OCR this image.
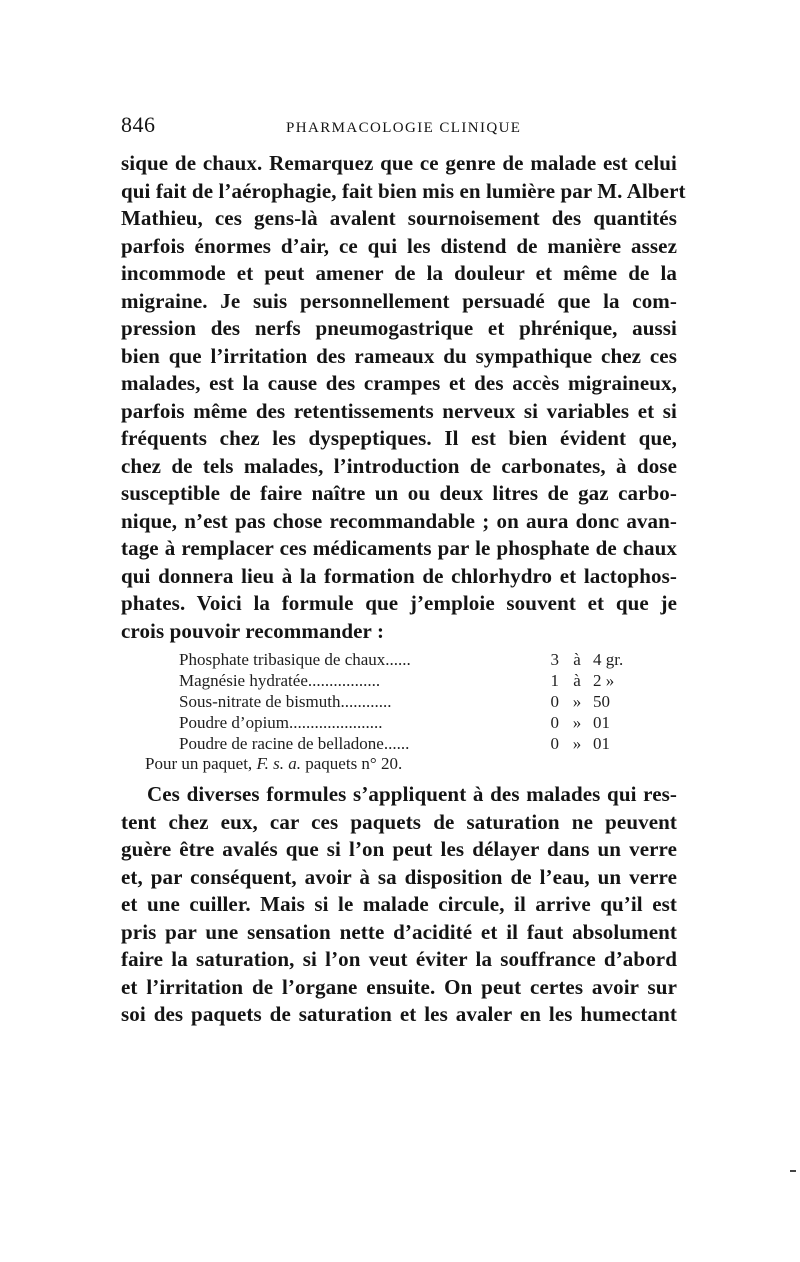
846	PHARMACOLOGIE CLINIQUE
sique de chaux. Remarquez que ce genre de malade est celui
qui fait de l’aérophagie, fait bien mis en lumière par M. Albert
Mathieu, ces gens-là avalent sournoisement des quantités
parfois énormes d’air, ce qui les distend de manière assez
incommode et peut amener de la douleur et même de la
migraine. Je suis personnellement persuadé que la com-
pression des nerfs pneumogastrique et phrénique, aussi
bien que l’irritation des rameaux du sympathique chez ces
malades, est la cause des crampes et des accès migraineux,
parfois même des retentissements nerveux si variables et si
fréquents chez les dyspeptiques. Il est bien évident que,
chez de tels malades, l’introduction de carbonates, à dose
susceptible de faire naître un ou deux litres de gaz carbo-
nique, n’est pas chose recommandable ; on aura donc avan-
tage à remplacer ces médicaments par le phosphate de chaux
qui donnera lieu à la formation de chlorhydro et lactophos-
phates. Voici la formule que j’emploie souvent et que je
crois pouvoir recommander :
Phosphate tribasique de chaux......	3 à 4 gr.
Magnésie hydratée.................	1 à 2 »
Sous-nitrate de bismuth............	0 » 50
Poudre d’opium......................	0 » 01
Poudre de racine de belladone......	0 » 01
Pour un paquet, F. s. a. paquets n° 20.
Ces diverses formules s’appliquent à des malades qui res-
tent chez eux, car ces paquets de saturation ne peuvent
guère être avalés que si l’on peut les délayer dans un verre
et, par conséquent, avoir à sa disposition de l’eau, un verre
et une cuiller. Mais si le malade circule, il arrive qu’il est
pris par une sensation nette d’acidité et il faut absolument
faire la saturation, si l’on veut éviter la souffrance d’abord
et l’irritation de l’organe ensuite. On peut certes avoir sur
soi des paquets de saturation et les avaler en les humectant
